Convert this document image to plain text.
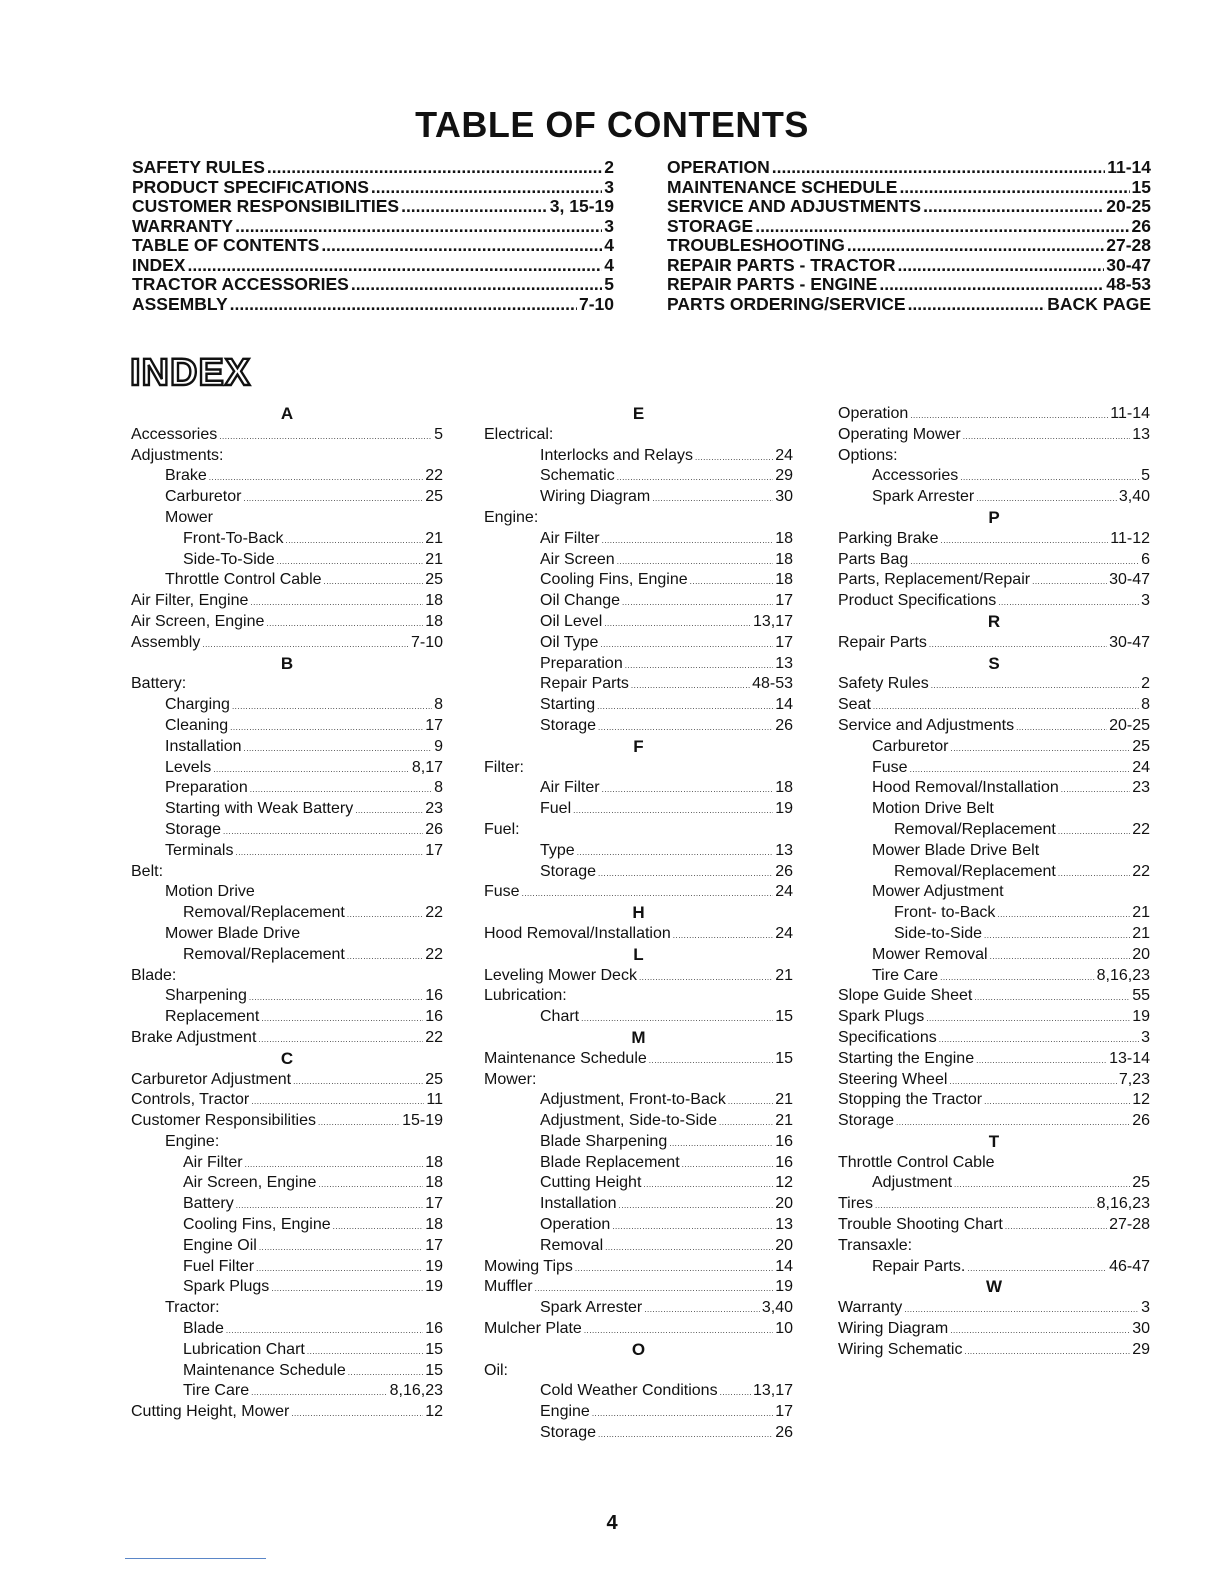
TABLE OF CONTENTS
SAFETY RULES .....	2
PRODUCT SPECIFICATIONS .....	3
CUSTOMER RESPONSIBILITIES .....	3, 15-19
WARRANTY .....	3
TABLE OF CONTENTS .....	4
INDEX .....	4
TRACTOR ACCESSORIES .....	5
ASSEMBLY .....	7-10
OPERATION .....	11-14
MAINTENANCE SCHEDULE .....	15
SERVICE AND ADJUSTMENTS .....	20-25
STORAGE .....	26
TROUBLESHOOTING .....	27-28
REPAIR PARTS - TRACTOR .....	30-47
REPAIR PARTS - ENGINE .....	48-53
PARTS ORDERING/SERVICE .....	BACK PAGE
INDEX
A
Accessories .....	5
Adjustments:
Brake .....	22
Carburetor .....	25
Mower
Front-To-Back .....	21
Side-To-Side .....	21
Throttle Control Cable .....	25
Air Filter, Engine .....	18
Air Screen, Engine .....	18
Assembly .....	7-10
B
Battery:
Charging .....	8
Cleaning .....	17
Installation .....	9
Levels .....	8,17
Preparation .....	8
Starting with Weak Battery .....	23
Storage .....	26
Terminals .....	17
Belt:
Motion Drive
Removal/Replacement .....	22
Mower Blade Drive
Removal/Replacement .....	22
Blade:
Sharpening .....	16
Replacement .....	16
Brake Adjustment .....	22
C
Carburetor Adjustment .....	25
Controls, Tractor .....	11
Customer Responsibilities .....	15-19
Engine:
Air Filter .....	18
Air Screen, Engine .....	18
Battery .....	17
Cooling Fins, Engine .....	18
Engine Oil .....	17
Fuel Filter .....	19
Spark Plugs .....	19
Tractor:
Blade .....	16
Lubrication Chart .....	15
Maintenance Schedule .....	15
Tire Care .....	8,16,23
Cutting Height, Mower .....	12
E
Electrical:
Interlocks and Relays .....	24
Schematic .....	29
Wiring Diagram .....	30
Engine:
Air Filter .....	18
Air Screen .....	18
Cooling Fins, Engine .....	18
Oil Change .....	17
Oil Level .....	13,17
Oil Type .....	17
Preparation .....	13
Repair Parts .....	48-53
Starting .....	14
Storage .....	26
F
Filter:
Air Filter .....	18
Fuel .....	19
Fuel:
Type .....	13
Storage .....	26
Fuse .....	24
H
Hood Removal/Installation .....	24
L
Leveling Mower Deck .....	21
Lubrication:
Chart .....	15
M
Maintenance Schedule .....	15
Mower:
Adjustment, Front-to-Back .....	21
Adjustment, Side-to-Side .....	21
Blade Sharpening .....	16
Blade Replacement .....	16
Cutting Height .....	12
Installation .....	20
Operation .....	13
Removal .....	20
Mowing Tips .....	14
Muffler .....	19
Spark Arrester .....	3,40
Mulcher Plate .....	10
O
Oil:
Cold Weather Conditions ..... 13,17
Engine .....	17
Storage .....	26
Operation .....	11-14
Operating Mower .....	13
Options:
Accessories .....	5
Spark Arrester .....	3,40
P
Parking Brake .....	11-12
Parts Bag .....	6
Parts, Replacement/Repair .....	30-47
Product Specifications .....	3
R
Repair Parts .....	30-47
S
Safety Rules .....	2
Seat .....	8
Service and Adjustments .....	20-25
Carburetor .....	25
Fuse .....	24
Hood Removal/Installation .....	23
Motion Drive Belt
Removal/Replacement .....	22
Mower Blade Drive Belt
Removal/Replacement .....	22
Mower Adjustment
Front- to-Back .....	21
Side-to-Side .....	21
Mower Removal .....	20
Tire Care .....	8,16,23
Slope Guide Sheet .....	55
Spark Plugs .....	19
Specifications .....	3
Starting the Engine .....	13-14
Steering Wheel .....	7,23
Stopping the Tractor .....	12
Storage .....	26
T
Throttle Control Cable
Adjustment .....	25
Tires .....	8,16,23
Trouble Shooting Chart .....	27-28
Transaxle:
Repair Parts. .....	46-47
W
Warranty .....	3
Wiring Diagram .....	30
Wiring Schematic .....	29
4
